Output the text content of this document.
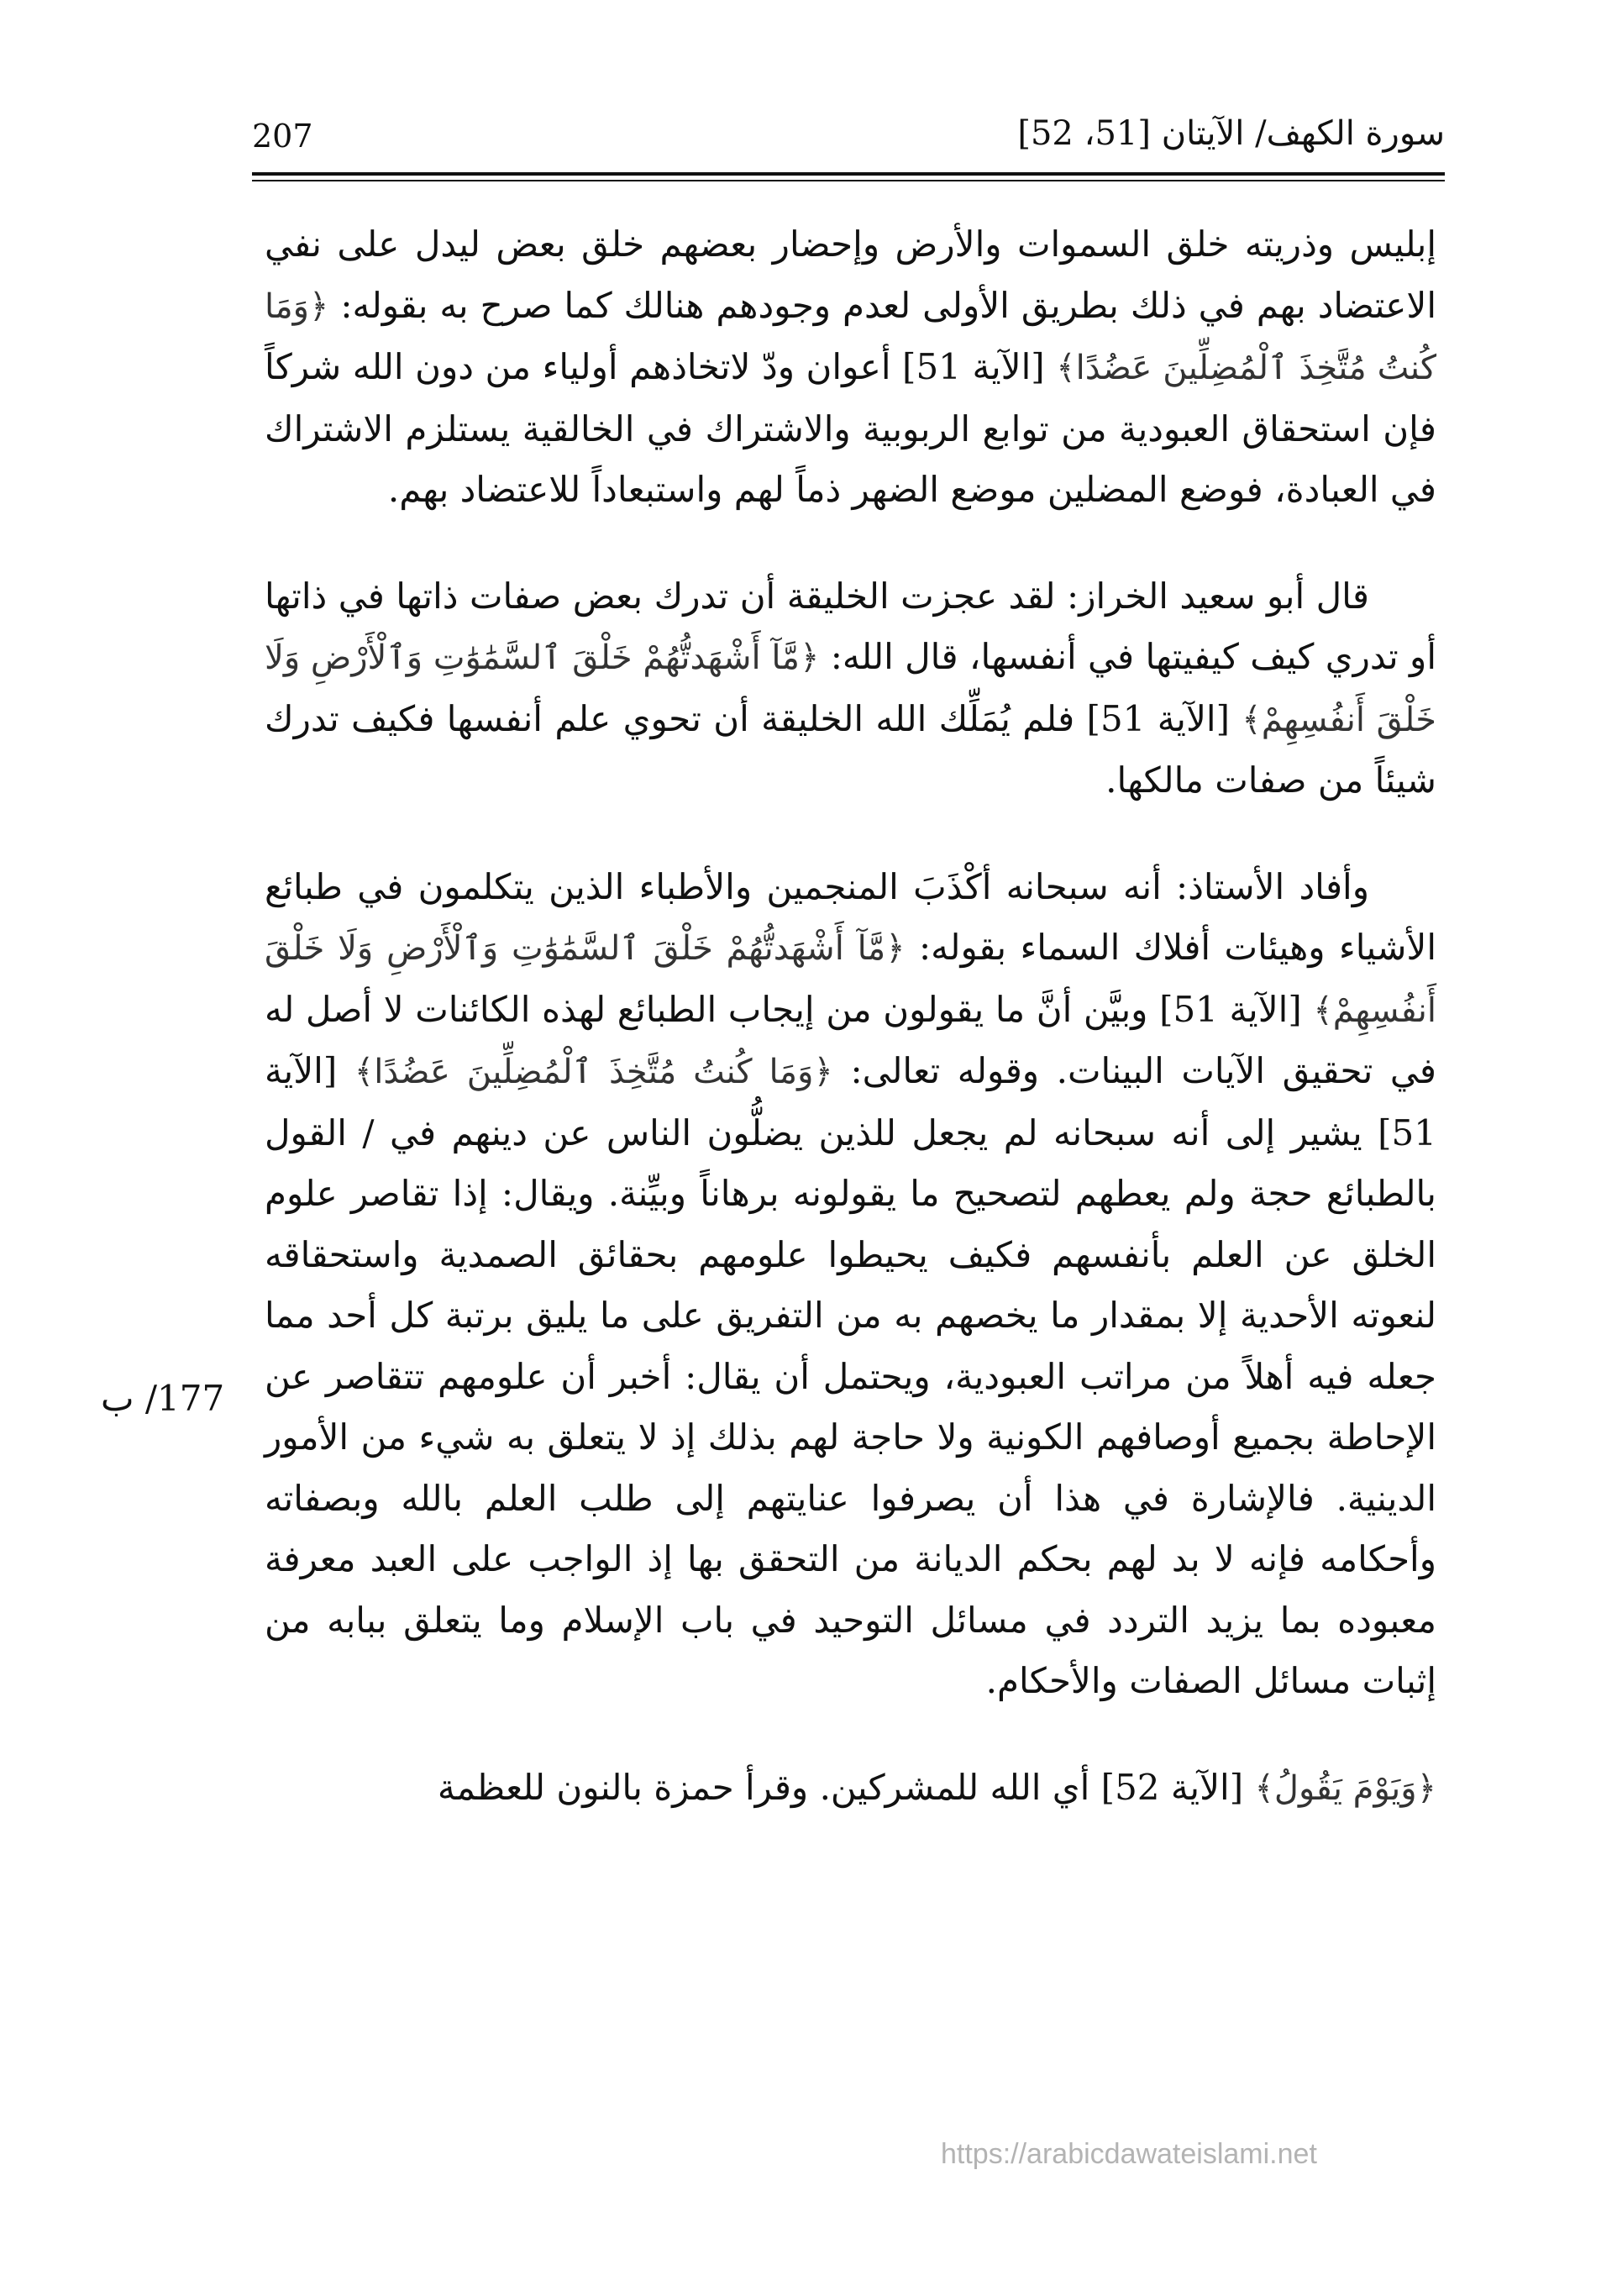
سورة الكهف/ الآيتان [51، 52]
207

إبليس وذريته خلق السموات والأرض وإحضار بعضهم خلق بعض ليدل على نفي الاعتضاد بهم في ذلك بطريق الأولى لعدم وجودهم هنالك كما صرح به بقوله: ﴿وَمَا كُنتُ مُتَّخِذَ ٱلْمُضِلِّينَ عَضُدًا﴾ [الآية 51] أعوان ودّ لاتخاذهم أولياء من دون الله شركاً فإن استحقاق العبودية من توابع الربوبية والاشتراك في الخالقية يستلزم الاشتراك في العبادة، فوضع المضلين موضع الضهر ذماً لهم واستبعاداً للاعتضاد بهم.

قال أبو سعيد الخراز: لقد عجزت الخليقة أن تدرك بعض صفات ذاتها في ذاتها أو تدري كيف كيفيتها في أنفسها، قال الله: ﴿مَّآ أَشْهَدتُّهُمْ خَلْقَ ٱلسَّمَٰوَٰتِ وَٱلْأَرْضِ وَلَا خَلْقَ أَنفُسِهِمْ﴾ [الآية 51] فلم يُمَلِّك الله الخليقة أن تحوي علم أنفسها فكيف تدرك شيئاً من صفات مالكها.

وأفاد الأستاذ: أنه سبحانه أكْذَبَ المنجمين والأطباء الذين يتكلمون في طبائع الأشياء وهيئات أفلاك السماء بقوله: ﴿مَّآ أَشْهَدتُّهُمْ خَلْقَ ٱلسَّمَٰوَٰتِ وَٱلْأَرْضِ وَلَا خَلْقَ أَنفُسِهِمْ﴾ [الآية 51] وبيَّن أنَّ ما يقولون من إيجاب الطبائع لهذه الكائنات لا أصل له في تحقيق الآيات البينات. وقوله تعالى: ﴿وَمَا كُنتُ مُتَّخِذَ ٱلْمُضِلِّينَ عَضُدًا﴾ [الآية 51] يشير إلى أنه سبحانه لم يجعل للذين يضلُّون الناس عن دينهم في / القول بالطبائع حجة ولم يعطهم لتصحيح ما يقولونه برهاناً وبيِّنة. ويقال: إذا تقاصر علوم الخلق عن العلم بأنفسهم فكيف يحيطوا علومهم بحقائق الصمدية واستحقاقه لنعوته الأحدية إلا بمقدار ما يخصهم به من التفريق على ما يليق برتبة كل أحد مما جعله فيه أهلاً من مراتب العبودية، ويحتمل أن يقال: أخبر أن علومهم تتقاصر عن الإحاطة بجميع أوصافهم الكونية ولا حاجة لهم بذلك إذ لا يتعلق به شيء من الأمور الدينية. فالإشارة في هذا أن يصرفوا عنايتهم إلى طلب العلم بالله وبصفاته وأحكامه فإنه لا بد لهم بحكم الديانة من التحقق بها إذ الواجب على العبد معرفة معبوده بما يزيد التردد في مسائل التوحيد في باب الإسلام وما يتعلق ببابه من إثبات مسائل الصفات والأحكام.

﴿وَيَوْمَ يَقُولُ﴾ [الآية 52] أي الله للمشركين. وقرأ حمزة بالنون للعظمة

177/ ب
https://arabicdawateislami.net
